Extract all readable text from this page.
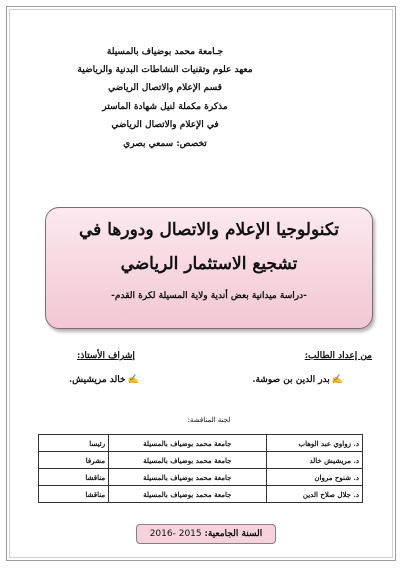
جـامعة محمد بوضياف بالمسيلة
معهد علوم وتقنيات النشاطات البدنية والرياضية
قسم الإعلام والاتصال الرياضي
مذكرة مكملة لنيل شهادة الماستر
في الإعلام والاتصال الرياضي
تخصص: سمعي بصري
تكنولوجيا الإعلام والاتصال ودورها في
تشجيع الاستثمار الرياضي
-دراسة ميدانية بعض أندية ولاية المسيلة لكرة القدم-
من إعداد الطالب:
إشراف الأستاذ:
✍بدر الدين بن صوشة.
✍خالد مريشيش.
لجنة المناقشة:
د. زواوي عبد الوهاب	جامعة محمد بوضياف بالمسيلة	رئيسا
د. مريشيش خالد	جامعة محمد بوضياف بالمسيلة	مشرفا
د. شنوح مروان	جامعة محمد بوضياف بالمسيلة	مناقشا
د. جلال صلاح الدين	جامعة محمد بوضياف بالمسيلة	مناقشا
السنة الجامعية: 2015 -2016
